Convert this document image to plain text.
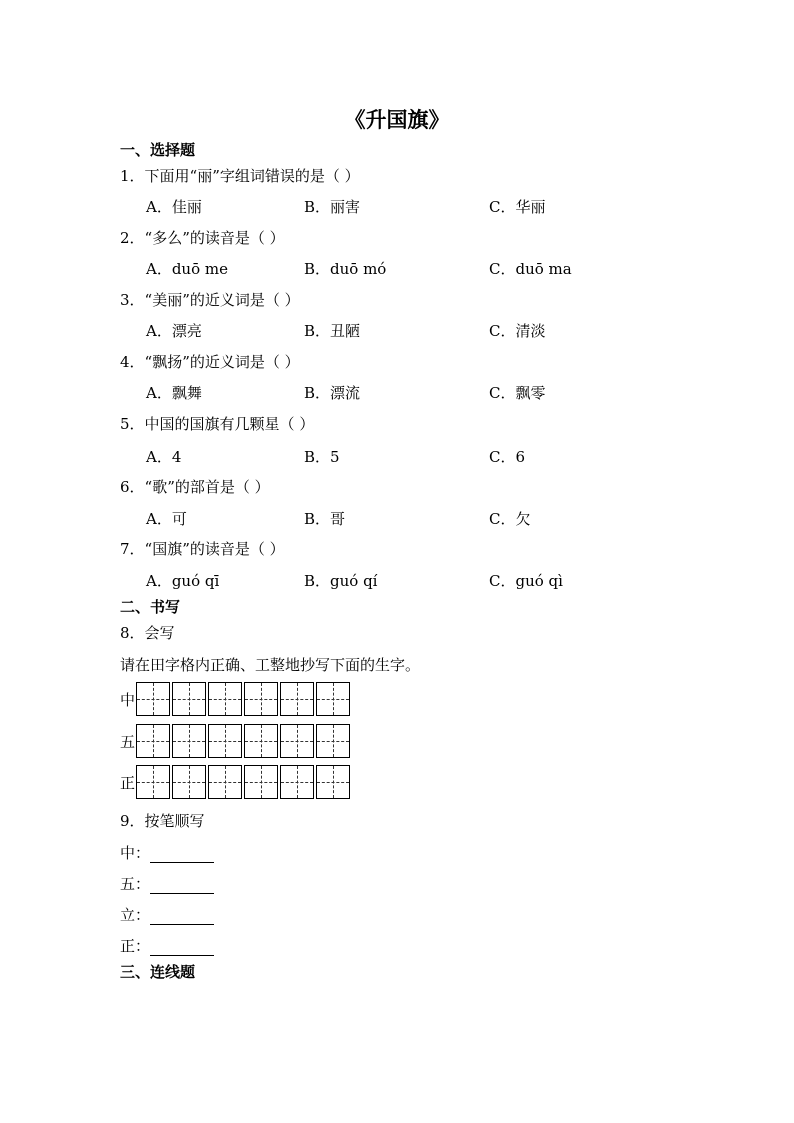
《升国旗》
一、选择题
1．下面用“丽”字组词错误的是（ ）
A．佳丽	B．丽害	C．华丽
2．“多么”的读音是（ ）
A．duō me	B．duō mó	C．duō ma
3．“美丽”的近义词是（ ）
A．漂亮	B．丑陋	C．清淡
4．“飘扬”的近义词是（ ）
A．飘舞	B．漂流	C．飘零
5．中国的国旗有几颗星（ ）
A．4	B．5	C．6
6．“歌”的部首是（ ）
A．可	B．哥	C．欠
7．“国旗”的读音是（ ）
A．guó qī	B．guó qí	C．guó qì
二、书写
8．会写
请在田字格内正确、工整地抄写下面的生字。
中
五
正
9．按笔顺写
中：
五：
立：
正：
三、连线题
